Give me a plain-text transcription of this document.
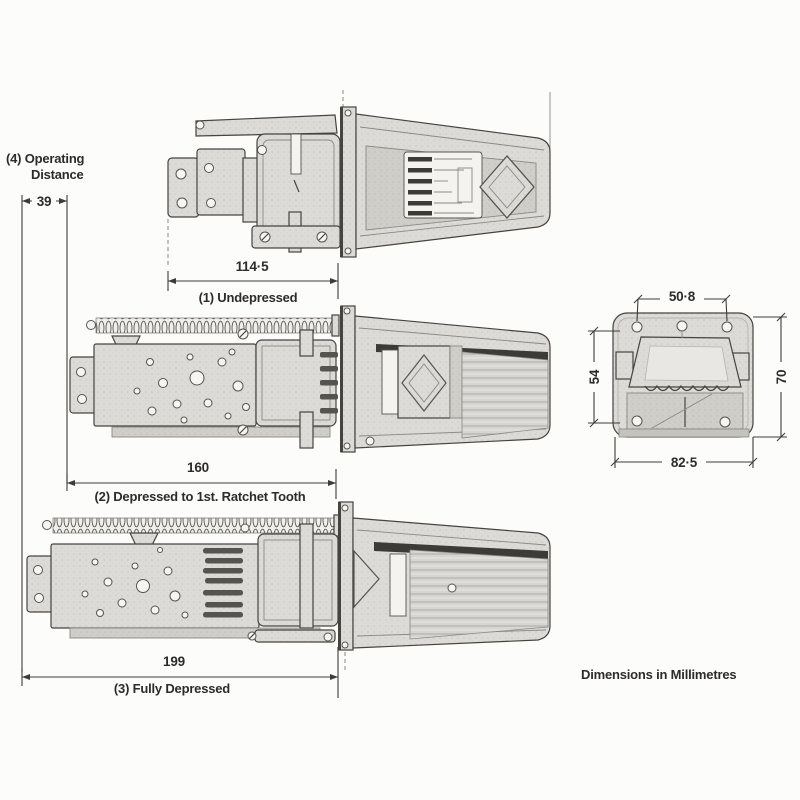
(4) Operating
Distance
39
114·5
(1) Undepressed
160
(2) Depressed to 1st. Ratchet Tooth
199
(3) Fully Depressed
50·8
54	70
82·5
Dimensions in Millimetres
